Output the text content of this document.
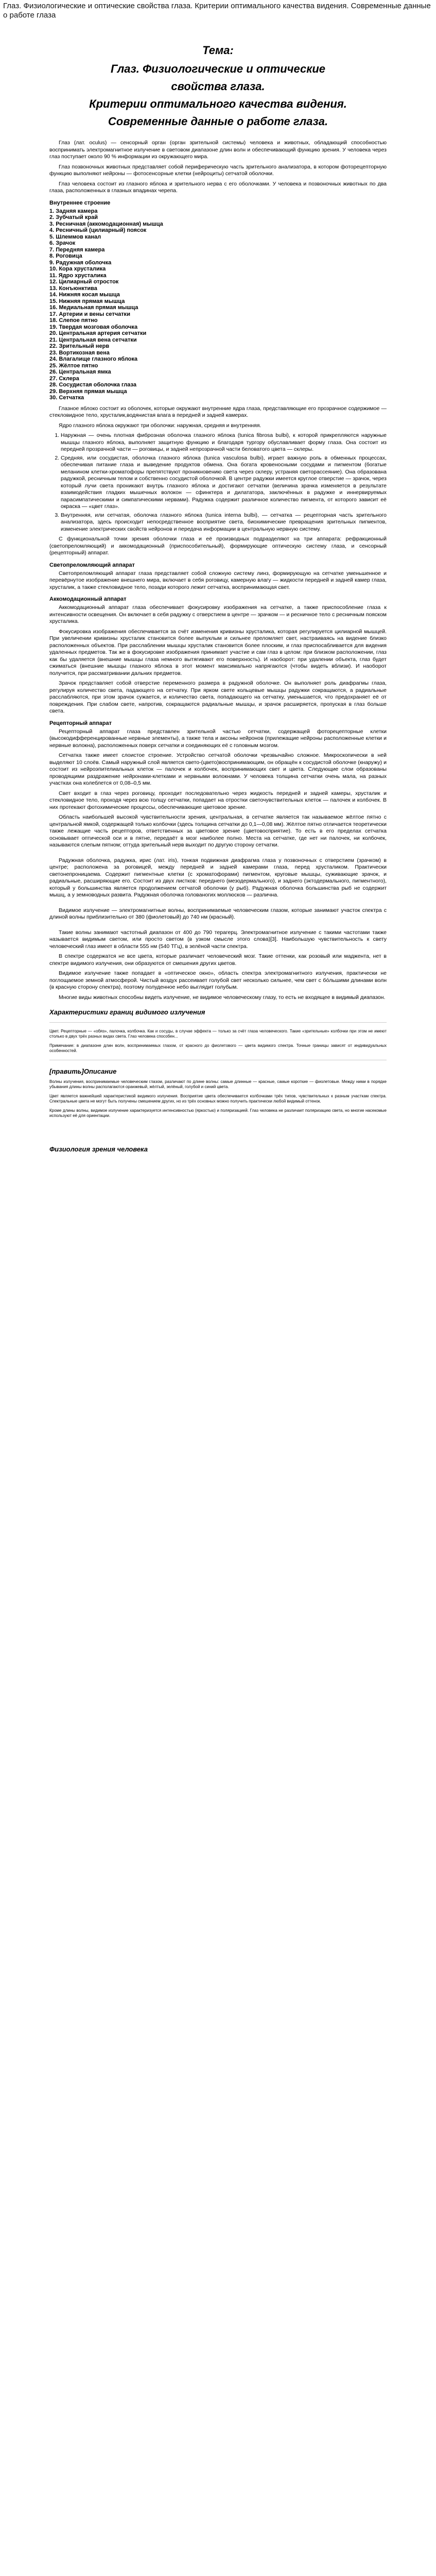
Глаз. Физиологические и оптические свойства глаза. Критерии оптимального качества видения. Современные данные о работе глаза
Тема:
Глаз. Физиологические и оптические
свойства глаза.
Критерии оптимального качества видения.
Современные данные о работе глаза.

Глаз (лат. oculus) — сенсорный орган (орган зрительной системы) человека и животных, обладающий способностью воспринимать электромагнитное излучение в световом диапазоне длин волн и обеспечивающий функцию зрения. У человека через глаз поступает около 90 % информации из окружающего мира.

Глаз позвоночных животных представляет собой периферическую часть зрительного анализатора, в котором фоторецепторную функцию выполняют нейроны — фотосенсорные клетки (нейроциты) сетчатой оболочки.

Глаз человека состоит из глазного яблока и зрительного нерва с его оболочками. У человека и позвоночных животных по два глаза, расположенных в глазных впадинах черепа.

Внутреннее строение
1. Задняя камера
2. Зубчатый край
3. Ресничная (аккомодационная) мышца
4. Ресничный (цилиарный) поясок
5. Шлеммов канал
6. Зрачок
7. Передняя камера
8. Роговица
9. Радужная оболочка
10. Кора хрусталика
11. Ядро хрусталика
12. Цилиарный отросток
13. Конъюнктива
14. Нижняя косая мышца
15. Нижняя прямая мышца
16. Медиальная прямая мышца
17. Артерии и вены сетчатки
18. Слепое пятно
19. Твердая мозговая оболочка
20. Центральная артерия сетчатки
21. Центральная вена сетчатки
22. Зрительный нерв
23. Вортикозная вена
24. Влагалище глазного яблока
25. Жёлтое пятно
26. Центральная ямка
27. Склера
28. Сосудистая оболочка глаза
29. Верхняя прямая мышца
30. Сетчатка

Глазное яблоко состоит из оболочек, которые окружают внутренние ядра глаза, представляющие его прозрачное содержимое — стекловидное тело, хрусталик,водянистая влага в передней и задней камерах.

Ядро глазного яблока окружают три оболочки: наружная, средняя и внутренняя.

1. Наружная — очень плотная фиброзная оболочка глазного яблока (tunica fibrosa bulbi), к которой прикрепляются наружные мышцы глазного яблока, выполняет защитную функцию и благодаря тургору обуславливает форму глаза. Она состоит из передней прозрачной части — роговицы, и задней непрозрачной части беловатого цвета — склеры.
2. Средняя, или сосудистая, оболочка глазного яблока (tunica vasculosa bulbi), играет важную роль в обменных процессах, обеспечивая питание глаза и выведение продуктов обмена. Она богата кровеносными сосудами и пигментом (богатые меланином клетки-хроматофоры препятствуют проникновению света через склеру, устраняя светорассеяние). Она образована радужкой, ресничным телом и собственно сосудистой оболочкой. В центре радужки имеется круглое отверстие — зрачок, через который лучи света проникают внутрь глазного яблока и достигают сетчатки (величина зрачка изменяется в результате взаимодействия гладких мышечных волокон — сфинктера и дилататора, заключённых в радужке и иннервируемых парасимпатическими и симпатическими нервами). Радужка содержит различное количество пигмента, от которого зависит её окраска — «цвет глаз».
3. Внутренняя, или сетчатая, оболочка глазного яблока (tunica interna bulbi), — сетчатка — рецепторная часть зрительного анализатора, здесь происходит непосредственное восприятие света, биохимические превращения зрительных пигментов, изменение электрических свойств нейронов и передача информации в центральную нервную систему.

С функциональной точки зрения оболочки глаза и её производных подразделяют на три аппарата: рефракционный (светопреломляющий) и аккомодационный (приспособительный), формирующие оптическую систему глаза, и сенсорный (рецепторный) аппарат.

Светопреломляющий аппарат

Светопреломляющий аппарат глаза представляет собой сложную систему линз, формирующую на сетчатке уменьшенное и перевёрнутое изображение внешнего мира, включает в себя роговицу, камерную влагу — жидкости передней и задней камер глаза, хрусталик, а также стекловидное тело, позади которого лежит сетчатка, воспринимающая свет.

Аккомодационный аппарат

Аккомодационный аппарат глаза обеспечивает фокусировку изображения на сетчатке, а также приспособление глаза к интенсивности освещения. Он включает в себя радужку с отверстием в центре — зрачком — и ресничное тело с ресничным пояском хрусталика.

Фокусировка изображения обеспечивается за счёт изменения кривизны хрусталика, которая регулируется цилиарной мышцей. При увеличении кривизны хрусталик становится более выпуклым и сильнее преломляет свет, настраиваясь на видение близко расположенных объектов. При расслаблении мышцы хрусталик становится более плоским, и глаз приспосабливается для видения удаленных предметов. Так же в фокусировке изображения принимает участие и сам глаз в целом: при близком расположении, глаз как бы удаляется (внешние мышцы глаза немного вытягивают его поверхность). И наоборот: при удалении объекта, глаз будет сжиматься (внешние мышцы глазного яблока в этот момент максимально напрягаются (чтобы видеть вблизи). И наоборот получится, при рассматривании дальних предметов.

Зрачок представляет собой отверстие переменного размера в радужной оболочке. Он выполняет роль диафрагмы глаза, регулируя количество света, падающего на сетчатку. При ярком свете кольцевые мышцы радужки сокращаются, а радиальные расслабляются, при этом зрачок сужается, и количество света, попадающего на сетчатку, уменьшается, что предохраняет её от повреждения. При слабом свете, напротив, сокращаются радиальные мышцы, и зрачок расширяется, пропуская в глаз больше света.

Рецепторный аппарат

Рецепторный аппарат глаза представлен зрительной частью сетчатки, содержащей фоторецепторные клетки (высокодифференцированные нервные элементы), а также тела и аксоны нейронов (прилежащие нейроны расположенные клетки и нервные волокна), расположенных поверх сетчатки и соединяющих её с головным мозгом.

Сетчатка также имеет слоистое строение. Устройство сетчатой оболочки чрезвычайно сложное. Микроскопически в ней выделяют 10 слоёв. Самый наружный слой является свето-(цвето)воспринимающим, он обращён к сосудистой оболочке (кнаружу) и состоит из нейроэпителиальных клеток — палочек и колбочек, воспринимающих свет и цвета. Следующие слои образованы проводящими раздражение нейронами-клетками и нервными волокнами. У человека толщина сетчатки очень мала, на разных участках она колеблется от 0,08–0,5 мм.

Свет входит в глаз через роговицу, проходит последовательно через жидкость передней и задней камеры, хрусталик и стекловидное тело, проходя через всю толщу сетчатки, попадает на отростки светочувствительных клеток — палочек и колбочек. В них протекают фотохимические процессы, обеспечивающие цветовое зрение.

Область наибольшей высокой чувствительности зрения, центральная, в сетчатке является так называемое жёлтое пятно с центральной ямкой, содержащей только колбочки (здесь толщина сетчатки до 0,1—0,08 мм). Жёлтое пятно отличается теоретически также лежащие часть рецепторов, ответственных за цветовое зрение (цветовосприятие). То есть в его пределах сетчатка основывает оптической оси и в пятне, передаёт в мозг наиболее полно. Места на сетчатке, где нет ни палочек, ни колбочек, называются слепым пятном; оттуда зрительный нерв выходит по другую сторону сетчатки.

Радужная оболочка, радужка, ирис (лат. iris), тонкая подвижная диафрагма глаза у позвоночных с отверстием (зрачком) в центре; расположена за роговицей, между передней и задней камерами глаза, перед хрусталиком. Практически светонепроницаема. Содержит пигментные клетки (с хроматофорами) пигментом, круговые мышцы, суживающие зрачок, и радиальные, расширяющие его. Состоит из двух листков: переднего (мезодермального), и заднего (эктодермального, пигментного), который у большинства является продолжением сетчатой оболочки (у рыб). Радужная оболочка большинства рыб не содержит мышц, а у земноводных развита. Радужная оболочка голованогих моллюсков — различна.

Видимое излучение — электромагнитные волны, воспринимаемые человеческим глазом, которые занимают участок спектра с длиной волны приблизительно от 380 (фиолетовый) до 740 нм (красный).

Такие волны занимают частотный диапазон от 400 до 790 терагерц. Электромагнитное излучение с такими частотами также называется видимым светом, или просто светом (в узком смысле этого слова)[3]. Наибольшую чувствительность к свету человеческий глаз имеет в области 555 нм (540 ТГц), в зелёной части спектра.

В спектре содержатся не все цвета, которые различает человеческий мозг. Такие оттенки, как розовый или маджента, нет в спектре видимого излучения, они образуются от смешения других цветов.

Видимое излучение также попадает в «оптическое окно», область спектра электромагнитного излучения, практически не поглощаемое земной атмосферой. Чистый воздух рассеивает голубой свет несколько сильнее, чем свет с бо́льшими длинами волн (в красную сторону спектра), поэтому полуденное небо выглядит голубым.

Многие виды животных способны видеть излучение, не видимое человеческому глазу, то есть не входящее в видимый диапазон.

Характеристики границ видимого излучения
Цвет. Рецепторные — «обяз», палочка, колбочка. Как и сосуды, в случае эффекта — только за счёт глаза человеческого. Такие «зрительные» колбочки при этом не имеют столько в двух трёх разных видах света. Глаз человека способен...
Примечание: в диапазоне длин волн, воспринимаемых глазом, от красного до фиолетового — цвета видимого спектра. Точные границы зависят от индивидуальных особенностей.
[править]Описание
Волны излучения, воспринимаемые человеческим глазом, различают по длине волны: самые длинные — красные, самые короткие — фиолетовые. Между ними в порядке убывания длины волны располагаются оранжевый, жёлтый, зелёный, голубой и синий цвета.
Цвет является важнейшей характеристикой видимого излучения. Восприятие цвета обеспечивается колбочками трёх типов, чувствительных к разным участкам спектра. Спектральные цвета не могут быть получены смешением других, но из трёх основных можно получить практически любой видимый оттенок.
Кроме длины волны, видимое излучение характеризуется интенсивностью (яркостью) и поляризацией. Глаз человека не различает поляризацию света, но многие насекомые используют её для ориентации.
Физиология зрения человека
